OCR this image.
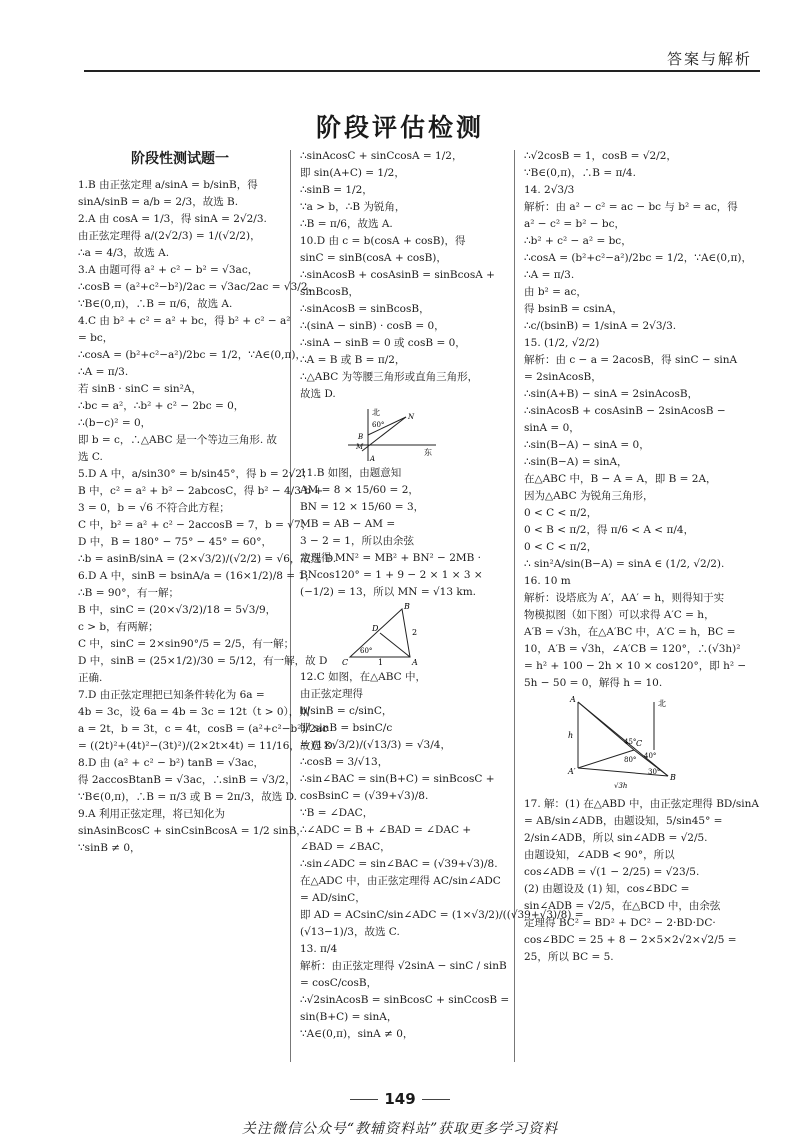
答案与解析
阶段评估检测
阶段性测试题一
1.B 由正弦定理 a/sinA = b/sinB，得
sinA/sinB = a/b = 2/3，故选 B.
2.A 由 cosA = 1/3，得 sinA = 2√2/3.
由正弦定理得 a/(2√2/3) = 1/(√2/2)，
∴a = 4/3，故选 A.
3.A 由题可得 a² + c² − b² = √3ac，
∴cosB = (a²+c²−b²)/2ac = √3ac/2ac = √3/2，
∵B∈(0,π)，∴B = π/6，故选 A.
4.C 由 b² + c² = a² + bc，得 b² + c² − a²
= bc，
∴cosA = (b²+c²−a²)/2bc = 1/2，∵A∈(0,π)，
∴A = π/3.
若 sinB · sinC = sin²A，
∴bc = a²，∴b² + c² − 2bc = 0，
∴(b−c)² = 0，
即 b = c，∴△ABC 是一个等边三角形. 故
选 C.
5.D A 中，a/sin30° = b/sin45°，得 b = 2√2；
B 中，c² = a² + b² − 2abcosC，得 b² − 4/3 b +
3 = 0，b = √6 不符合此方程；
C 中，b² = a² + c² − 2accosB = 7，b = √7；
D 中，B = 180° − 75° − 45° = 60°，
∴b = asinB/sinA = (2×√3/2)/(√2/2) = √6，故选 D.
6.D A 中，sinB = bsinA/a = (16×1/2)/8 = 1，
∴B = 90°，有一解；
B 中，sinC = (20×√3/2)/18 = 5√3/9，
c > b，有两解；
C 中，sinC = 2×sin90°/5 = 2/5，有一解；
D 中，sinB = (25×1/2)/30 = 5/12，有一解，故 D
正确.
7.D 由正弦定理把已知条件转化为 6a =
4b = 3c，设 6a = 4b = 3c = 12t（t > 0），则
a = 2t，b = 3t，c = 4t，cosB = (a²+c²−b²)/2ac
= ((2t)²+(4t)²−(3t)²)/(2×2t×4t) = 11/16，故选 D.
8.D 由 (a² + c² − b²) tanB = √3ac，
得 2accosBtanB = √3ac，∴sinB = √3/2，
∵B∈(0,π)，∴B = π/3 或 B = 2π/3，故选 D.
9.A 利用正弦定理，将已知化为
sinAsinBcosC + sinCsinBcosA = 1/2 sinB，
∵sinB ≠ 0，
∴sinAcosC + sinCcosA = 1/2，
即 sin(A+C) = 1/2，
∴sinB = 1/2，
∵a > b，∴B 为锐角，
∴B = π/6，故选 A.
10.D 由 c = b(cosA + cosB)，得
sinC = sinB(cosA + cosB)，
∴sinAcosB + cosAsinB = sinBcosA +
sinBcosB，
∴sinAcosB = sinBcosB，
∴(sinA − sinB) · cosB = 0，
∴sinA − sinB = 0 或 cosB = 0，
∴A = B 或 B = π/2，
∴△ABC 为等腰三角形或直角三角形，
故选 D.
北
东
60°
N
B
M
A
11.B 如图，由题意知
AM = 8 × 15/60 = 2，
BN = 12 × 15/60 = 3，
MB = AB − AM =
3 − 2 = 1，所以由余弦
定理得 MN² = MB² + BN² − 2MB ·
BNcos120° = 1 + 9 − 2 × 1 × 3 ×
(−1/2) = 13，所以 MN = √13 km.
B
D
C	A
60°
2
1
12.C 如图，在△ABC 中，
由正弦定理得
b/sinB = c/sinC，
即 sinB = bsinC/c
= (1×√3/2)/(√13/3) = √3/4，
∴cosB = 3/√13，
∴sin∠BAC = sin(B+C) = sinBcosC +
cosBsinC = (√39+√3)/8.
∵B = ∠DAC，
∴∠ADC = B + ∠BAD = ∠DAC +
∠BAD = ∠BAC，
∴sin∠ADC = sin∠BAC = (√39+√3)/8.
在△ADC 中，由正弦定理得 AC/sin∠ADC
= AD/sinC，
即 AD = ACsinC/sin∠ADC = (1×√3/2)/((√39+√3)/8) =
(√13−1)/3，故选 C.
13. π/4
解析：由正弦定理得 √2sinA − sinC / sinB
= cosC/cosB，
∴√2sinAcosB = sinBcosC + sinCcosB =
sin(B+C) = sinA，
∵A∈(0,π)，sinA ≠ 0，
∴√2cosB = 1，cosB = √2/2，
∵B∈(0,π)，∴B = π/4.
14. 2√3/3
解析：由 a² − c² = ac − bc 与 b² = ac，得
a² − c² = b² − bc，
∴b² + c² − a² = bc，
∴cosA = (b²+c²−a²)/2bc = 1/2，∵A∈(0,π)，
∴A = π/3.
由 b² = ac，
得 bsinB = csinA，
∴c/(bsinB) = 1/sinA = 2√3/3.
15. (1/2, √2/2)
解析：由 c − a = 2acosB，得 sinC − sinA
= 2sinAcosB，
∴sin(A+B) − sinA = 2sinAcosB，
∴sinAcosB + cosAsinB − 2sinAcosB −
sinA = 0，
∴sin(B−A) − sinA = 0，
∴sin(B−A) = sinA，
在△ABC 中，B − A = A，即 B = 2A，
因为△ABC 为锐角三角形，
0 < C < π/2，
0 < B < π/2，得 π/6 < A < π/4，
0 < C < π/2，
∴ sin²A/sin(B−A) = sinA ∈ (1/2, √2/2).
16. 10 m
解析：设塔底为 A′，AA′ = h，则得知于实
物模拟图（如下图）可以求得 A′C = h，
A′B = √3h，在△A′BC 中，A′C = h，BC =
10，A′B = √3h，∠A′CB = 120°，∴(√3h)²
= h² + 100 − 2h × 10 × cos120°，即 h² −
5h − 50 = 0，解得 h = 10.
北
h
√3h
45°
80° 40°
30°
A
A′
C
B
17. 解：(1) 在△ABD 中，由正弦定理得 BD/sinA
= AB/sin∠ADB，由题设知，5/sin45° =
2/sin∠ADB，所以 sin∠ADB = √2/5.
由题设知，∠ADB < 90°，所以
cos∠ADB = √(1 − 2/25) = √23/5.
(2) 由题设及 (1) 知，cos∠BDC =
sin∠ADB = √2/5，在△BCD 中，由余弦
定理得 BC² = BD² + DC² − 2·BD·DC·
cos∠BDC = 25 + 8 − 2×5×2√2×√2/5 =
25，所以 BC = 5.
149
关注微信公众号“教辅资料站”获取更多学习资料
